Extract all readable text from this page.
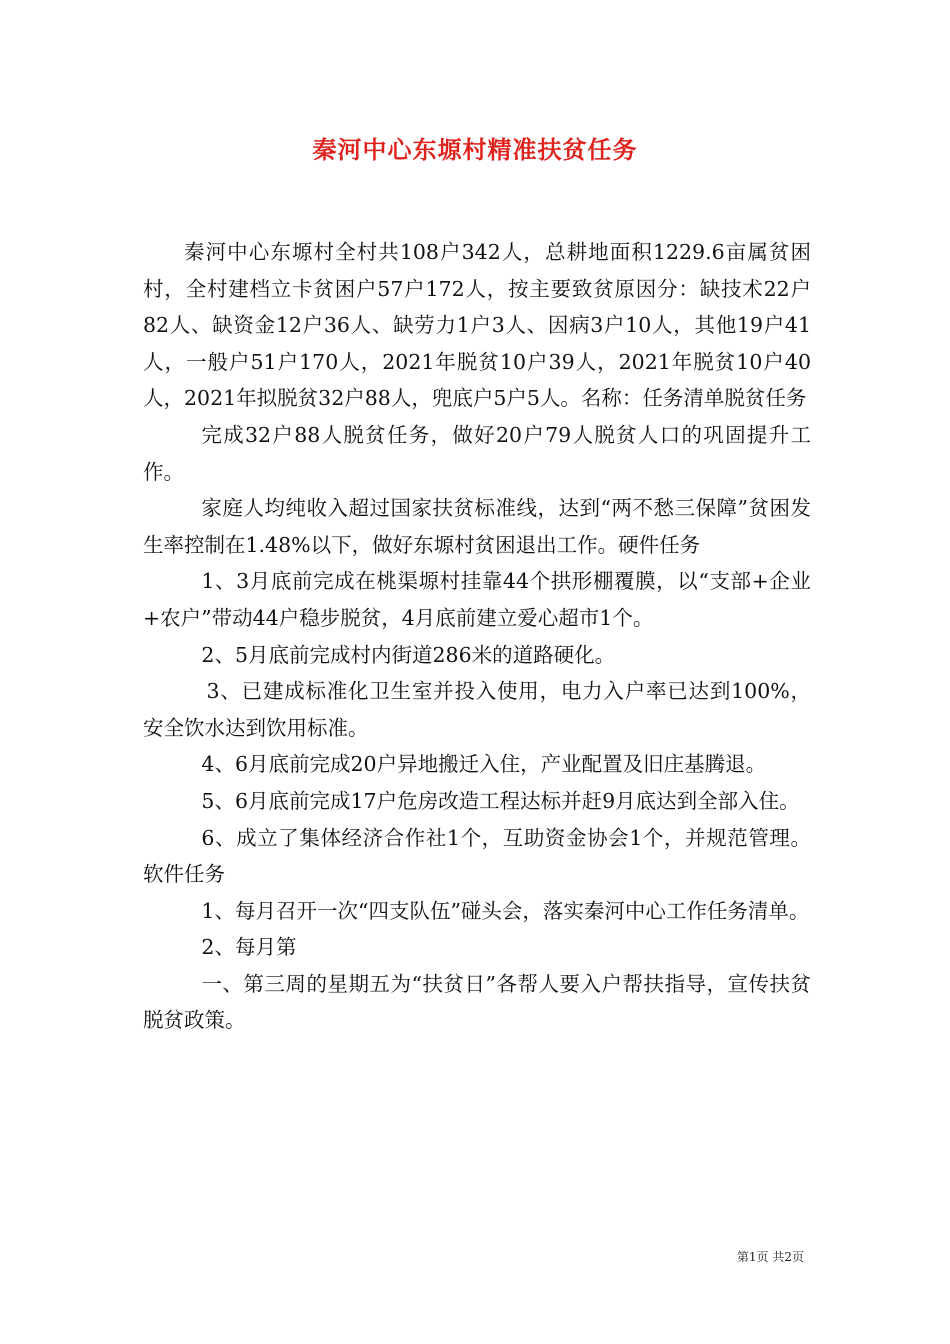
秦河中心东塬村精准扶贫任务

秦河中心东塬村全村共108户342人，总耕地面积1229.6亩属贫困村，全村建档立卡贫困户57户172人，按主要致贫原因分：缺技术22户82人、缺资金12户36人、缺劳力1户3人、因病3户10人，其他19户41人，一般户51户170人，2021年脱贫10户39人，2021年脱贫10户40人，2021年拟脱贫32户88人，兜底户5户5人。名称：任务清单脱贫任务

完成32户88人脱贫任务，做好20户79人脱贫人口的巩固提升工作。

家庭人均纯收入超过国家扶贫标准线，达到“两不愁三保障”贫困发生率控制在1.48%以下，做好东塬村贫困退出工作。硬件任务

1、3月底前完成在桃渠塬村挂靠44个拱形棚覆膜，以“支部+企业+农户”带动44户稳步脱贫，4月底前建立爱心超市1个。

2、5月底前完成村内街道286米的道路硬化。

3、已建成标准化卫生室并投入使用，电力入户率已达到100%，安全饮水达到饮用标准。

4、6月底前完成20户异地搬迁入住，产业配置及旧庄基腾退。

5、6月底前完成17户危房改造工程达标并赶9月底达到全部入住。

6、成立了集体经济合作社1个，互助资金协会1个，并规范管理。软件任务

1、每月召开一次“四支队伍”碰头会，落实秦河中心工作任务清单。

2、每月第

一、第三周的星期五为“扶贫日”各帮人要入户帮扶指导，宣传扶贫脱贫政策。

第1页 共2页
